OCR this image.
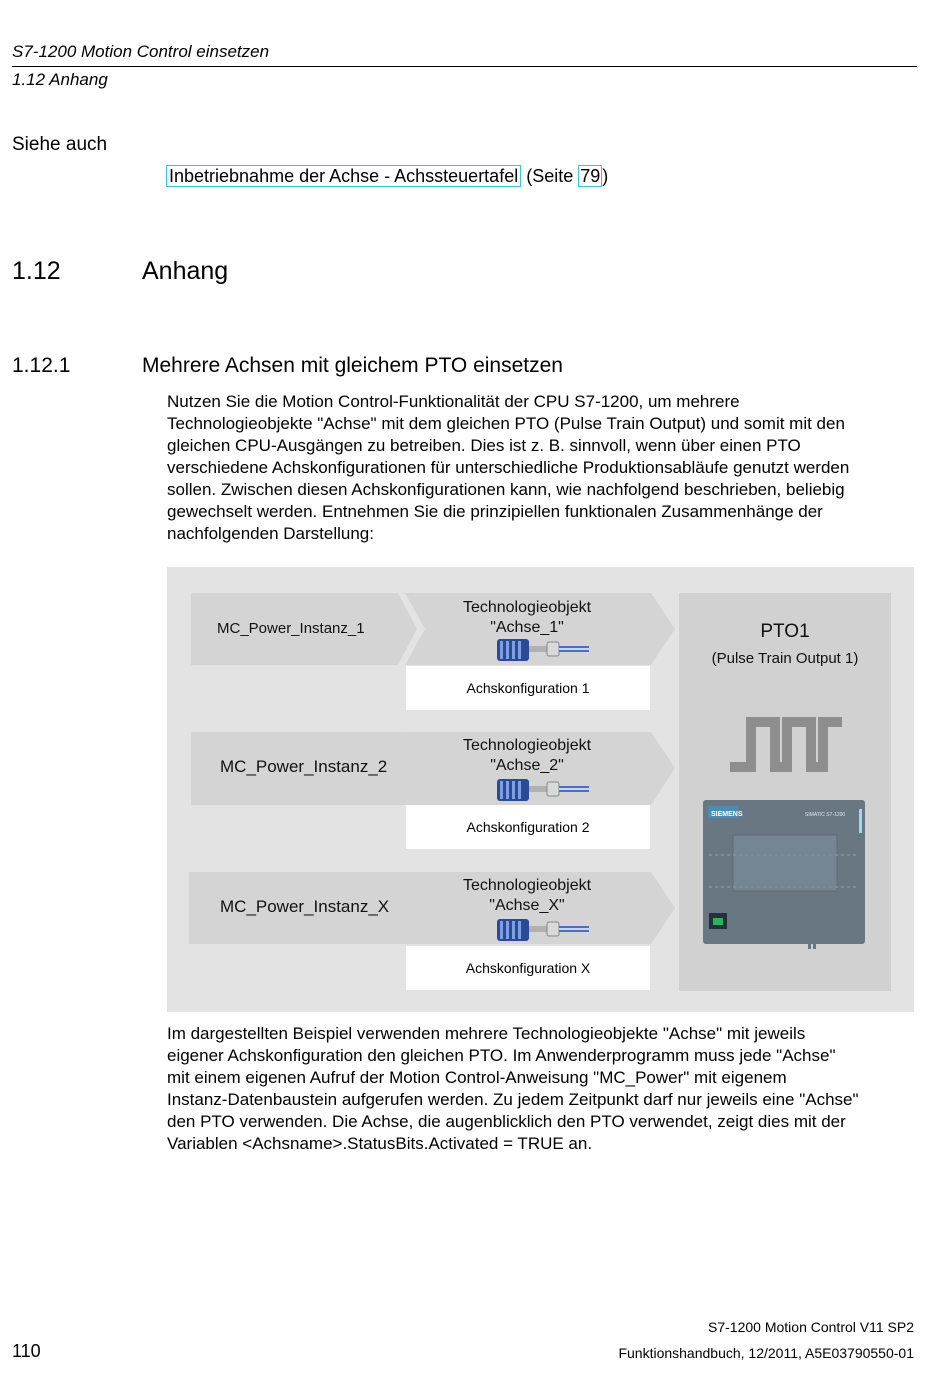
S7-1200 Motion Control einsetzen
1.12 Anhang
Siehe auch
Inbetriebnahme der Achse - Achssteuertafel (Seite 79 )
1.12	Anhang
1.12.1	Mehrere Achsen mit gleichem PTO einsetzen

Nutzen Sie die Motion Control-Funktionalität der CPU S7-1200, um mehrere

Technologieobjekte "Achse" mit dem gleichen PTO (Pulse Train Output) und somit mit den

gleichen CPU-Ausgängen zu betreiben. Dies ist z. B. sinnvoll, wenn über einen PTO

verschiedene Achskonfigurationen für unterschiedliche Produktionsabläufe genutzt werden

sollen. Zwischen diesen Achskonfigurationen kann, wie nachfolgend beschrieben, beliebig

gewechselt werden. Entnehmen Sie die prinzipiellen funktionalen Zusammenhänge der

nachfolgenden Darstellung:

SIEMENS	SIMATIC S7-1200
MC_Power_Instanz_1
Technologieobjekt
"Achse_1"
Achskonfiguration 1
MC_Power_Instanz_2
Technologieobjekt
"Achse_2"
Achskonfiguration 2
MC_Power_Instanz_X
Technologieobjekt
"Achse_X"
Achskonfiguration X
PTO1
(Pulse Train Output 1)

Im dargestellten Beispiel verwenden mehrere Technologieobjekte "Achse" mit jeweils

eigener Achskonfiguration den gleichen PTO. Im Anwenderprogramm muss jede "Achse"

mit einem eigenen Aufruf der Motion Control-Anweisung "MC_Power" mit eigenem

Instanz-Datenbaustein aufgerufen werden. Zu jedem Zeitpunkt darf nur jeweils eine "Achse"

den PTO verwenden. Die Achse, die augenblicklich den PTO verwendet, zeigt dies mit der

Variablen <Achsname>.StatusBits.Activated = TRUE an.

110
S7-1200 Motion Control V11 SP2
Funktionshandbuch, 12/2011, A5E03790550-01
